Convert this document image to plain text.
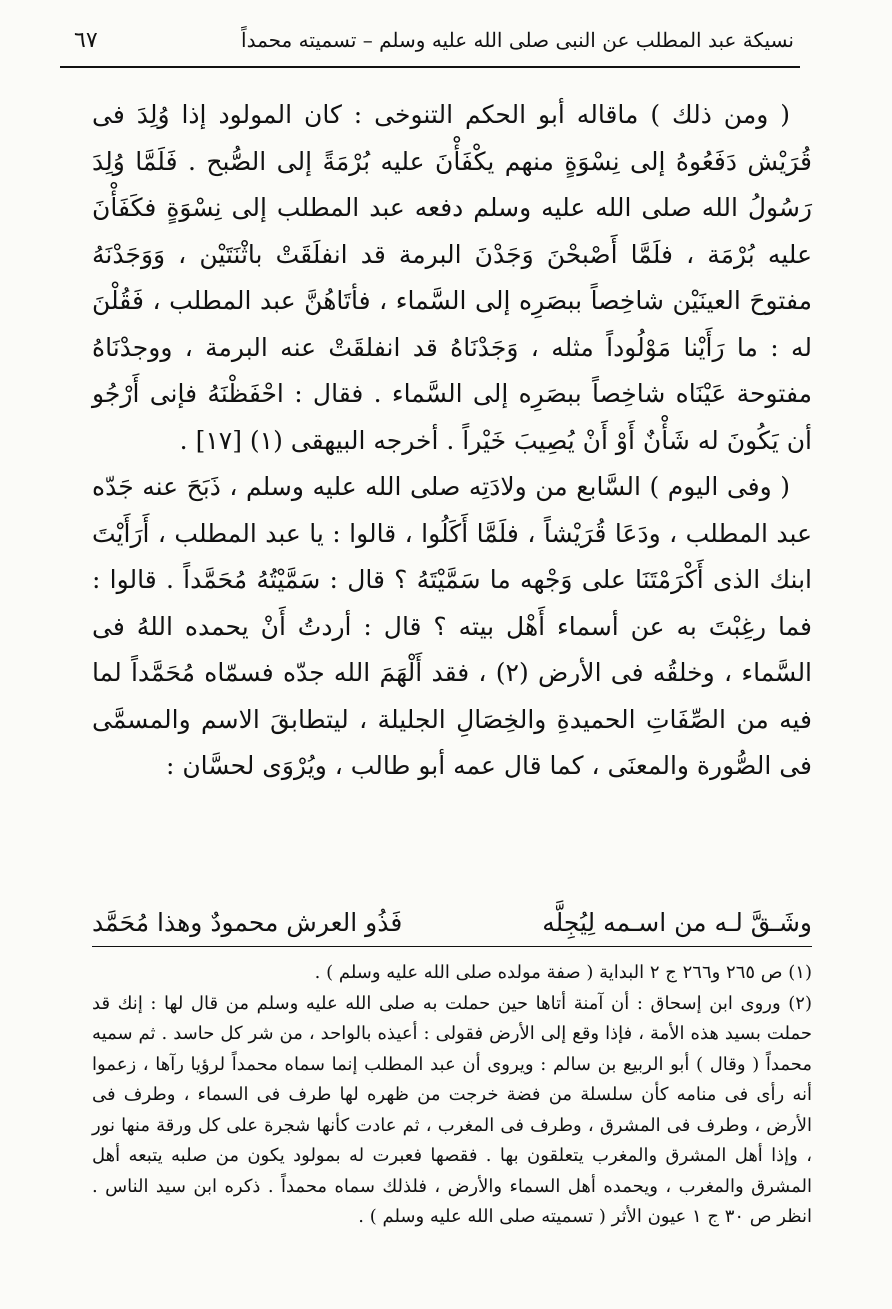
نسيكة عبد المطلب عن النبى صلى الله عليه وسلم – تسميته محمداً
٦٧

( ومن ذلك ) ماقاله أبو الحكم التنوخى : كان المولود إذا وُلِدَ فى قُرَيْش دَفَعُوهُ إلى نِسْوَةٍ منهم يكْفَأْنَ عليه بُرْمَةً إلى الصُّبح . فَلَمَّا وُلِدَ رَسُولُ الله صلى الله عليه وسلم دفعه عبد المطلب إلى نِسْوَةٍ فكَفَأْنَ عليه بُرْمَة ، فلَمَّا أَصْبحْنَ وَجَدْنَ البرمة قد انفلَقَتْ باثْنَتَيْن ، وَوَجَدْنَهُ مفتوحَ العينَيْن شاخِصاً ببصَرِه إلى السَّماء ، فأتَاهُنَّ عبد المطلب ، فَقُلْنَ له : ما رَأَيْنا مَوْلُوداً مثله ، وَجَدْنَاهُ قد انفلقَتْ عنه البرمة ، ووجدْنَاهُ مفتوحة عَيْنَاه شاخِصاً ببصَرِه إلى السَّماء . فقال : احْفَظْنَهُ فإنى أَرْجُو أن يَكُونَ له شَأْنٌ أَوْ أَنْ يُصِيبَ خَيْراً . أخرجه البيهقى (١) [١٧] .

( وفى اليوم ) السَّابع من ولادَتِه صلى الله عليه وسلم ، ذَبَحَ عنه جَدّه عبد المطلب ، ودَعَا قُرَيْشاً ، فلَمَّا أَكَلُوا ، قالوا : يا عبد المطلب ، أَرَأَيْتَ ابنك الذى أَكْرَمْتَنَا على وَجْهه ما سَمَّيْتَهُ ؟ قال : سَمَّيْتُهُ مُحَمَّداً . قالوا : فما رغِبْتَ به عن أسماء أَهْل بيته ؟ قال : أردتُ أَنْ يحمده اللهُ فى السَّماء ، وخلقُه فى الأرض (٢) ، فقد أَلْهَمَ الله جدّه فسمّاه مُحَمَّداً لما فيه من الصِّفَاتِ الحميدةِ والخِصَالِ الجليلة ، ليتطابقَ الاسم والمسمَّى فى الصُّورة والمعنَى ، كما قال عمه أبو طالب ، ويُرْوَى لحسَّان :

وشَـقَّ لـه من اسـمه لِيُجِلَّه
فَذُو العرش محمودٌ وهذا مُحَمَّد

(١) ص ٢٦٥ و٢٦٦ ج ٢ البداية ( صفة مولده صلى الله عليه وسلم ) .

(٢) وروى ابن إسحاق : أن آمنة أتاها حين حملت به صلى الله عليه وسلم من قال لها : إنك قد حملت بسيد هذه الأمة ، فإذا وقع إلى الأرض فقولى : أعيذه بالواحد ، من شر كل حاسد . ثم سميه محمداً ( وقال ) أبو الربيع بن سالم : ويروى أن عبد المطلب إنما سماه محمداً لرؤيا رآها ، زعموا أنه رأى فى منامه كأن سلسلة من فضة خرجت من ظهره لها طرف فى السماء ، وطرف فى الأرض ، وطرف فى المشرق ، وطرف فى المغرب ، ثم عادت كأنها شجرة على كل ورقة منها نور ، وإذا أهل المشرق والمغرب يتعلقون بها . فقصها فعبرت له بمولود يكون من صلبه يتبعه أهل المشرق والمغرب ، ويحمده أهل السماء والأرض ، فلذلك سماه محمداً . ذكره ابن سيد الناس . انظر ص ٣٠ ج ١ عيون الأثر ( تسميته صلى الله عليه وسلم ) .
